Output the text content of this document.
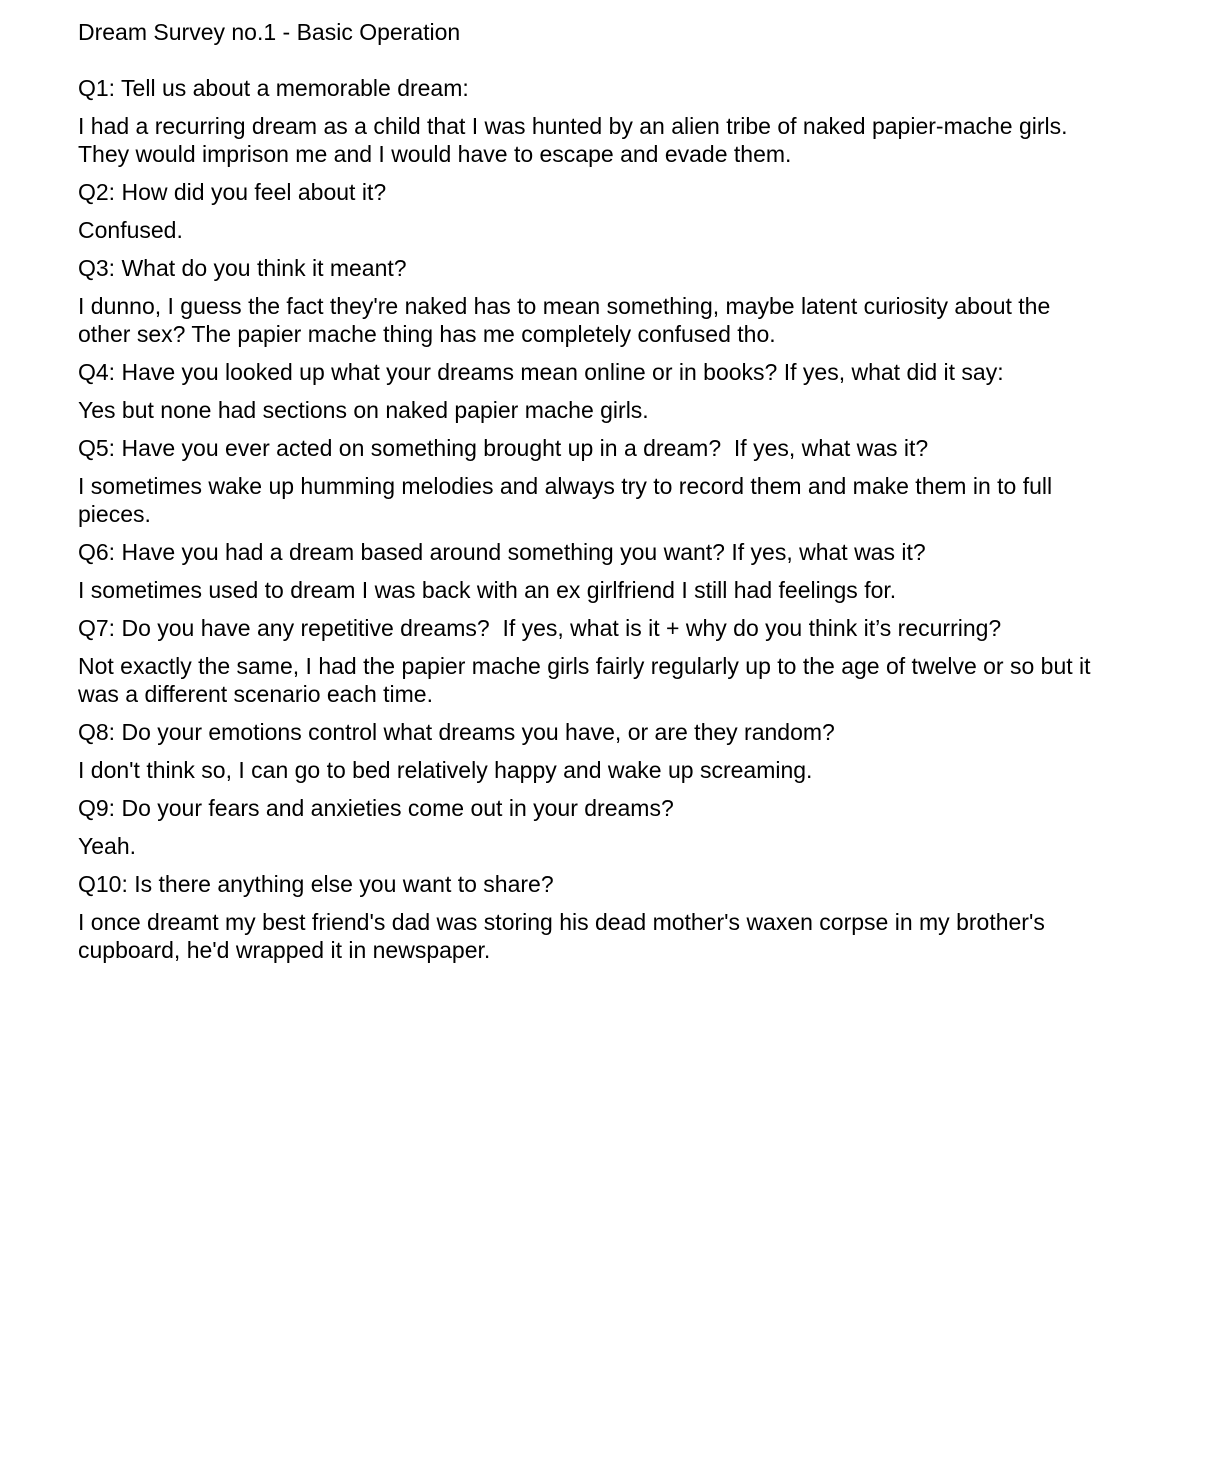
Dream Survey no.1 - Basic Operation

Q1: Tell us about a memorable dream:

I had a recurring dream as a child that I was hunted by an alien tribe of naked papier-mache girls. They would imprison me and I would have to escape and evade them.

Q2: How did you feel about it?

Confused.

Q3: What do you think it meant?

I dunno, I guess the fact they're naked has to mean something, maybe latent curiosity about the other sex? The papier mache thing has me completely confused tho.

Q4: Have you looked up what your dreams mean online or in books? If yes, what did it say:

Yes but none had sections on naked papier mache girls.

Q5: Have you ever acted on something brought up in a dream?  If yes, what was it?

I sometimes wake up humming melodies and always try to record them and make them in to full pieces.

Q6: Have you had a dream based around something you want? If yes, what was it?

I sometimes used to dream I was back with an ex girlfriend I still had feelings for.

Q7: Do you have any repetitive dreams?  If yes, what is it + why do you think it’s recurring?

Not exactly the same, I had the papier mache girls fairly regularly up to the age of twelve or so but it was a different scenario each time.

Q8: Do your emotions control what dreams you have, or are they random?

I don't think so, I can go to bed relatively happy and wake up screaming.

Q9: Do your fears and anxieties come out in your dreams?

Yeah.

Q10: Is there anything else you want to share?

I once dreamt my best friend's dad was storing his dead mother's waxen corpse in my brother's cupboard, he'd wrapped it in newspaper.
